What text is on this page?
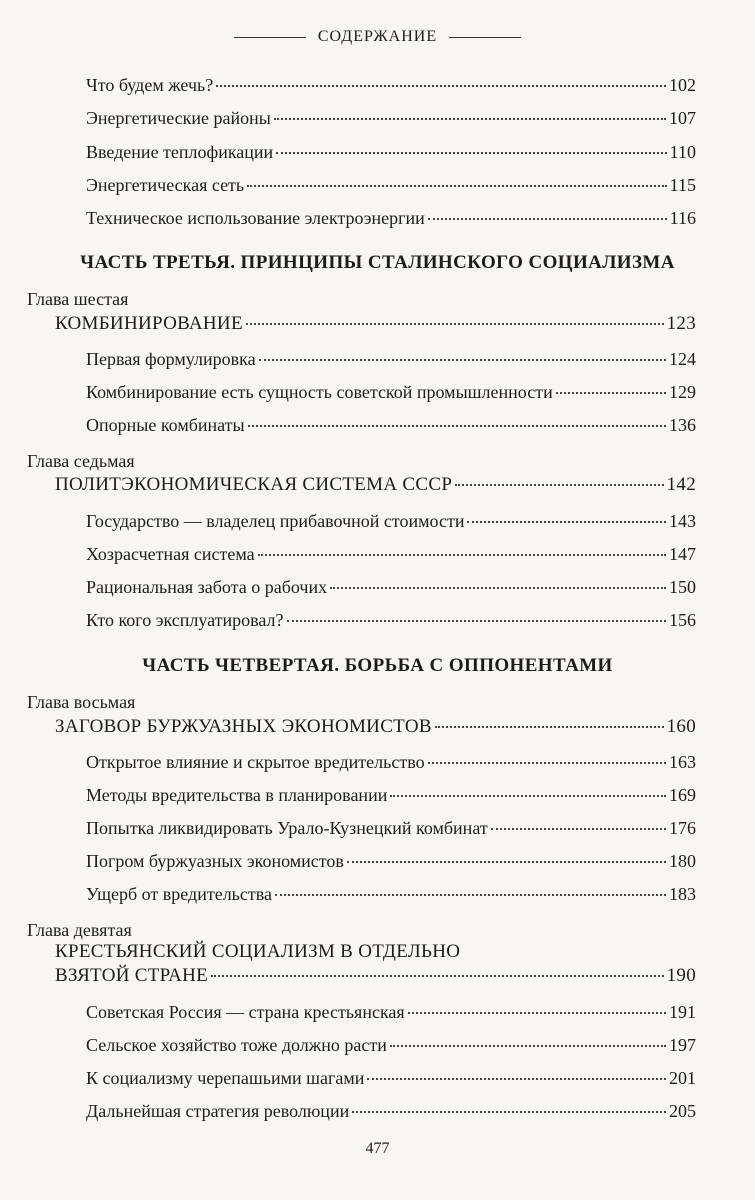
СОДЕРЖАНИЕ
Что будем жечь?	102
Энергетические районы	107
Введение теплофикации	110
Энергетическая сеть	115
Техническое использование электроэнергии	116
ЧАСТЬ ТРЕТЬЯ. ПРИНЦИПЫ СТАЛИНСКОГО СОЦИАЛИЗМА
Глава шестая
КОМБИНИРОВАНИЕ	123
Первая формулировка	124
Комбинирование есть сущность советской промышленности	129
Опорные комбинаты	136
Глава седьмая
ПОЛИТЭКОНОМИЧЕСКАЯ СИСТЕМА СССР	142
Государство — владелец прибавочной стоимости	143
Хозрасчетная система	147
Рациональная забота о рабочих	150
Кто кого эксплуатировал?	156
ЧАСТЬ ЧЕТВЕРТАЯ. БОРЬБА С ОППОНЕНТАМИ
Глава восьмая
ЗАГОВОР БУРЖУАЗНЫХ ЭКОНОМИСТОВ	160
Открытое влияние и скрытое вредительство	163
Методы вредительства в планировании	169
Попытка ликвидировать Урало-Кузнецкий комбинат	176
Погром буржуазных экономистов	180
Ущерб от вредительства	183
Глава девятая
КРЕСТЬЯНСКИЙ СОЦИАЛИЗМ В ОТДЕЛЬНО
ВЗЯТОЙ СТРАНЕ	190
Советская Россия — страна крестьянская	191
Сельское хозяйство тоже должно расти	197
К социализму черепашьими шагами	201
Дальнейшая стратегия революции	205
477
